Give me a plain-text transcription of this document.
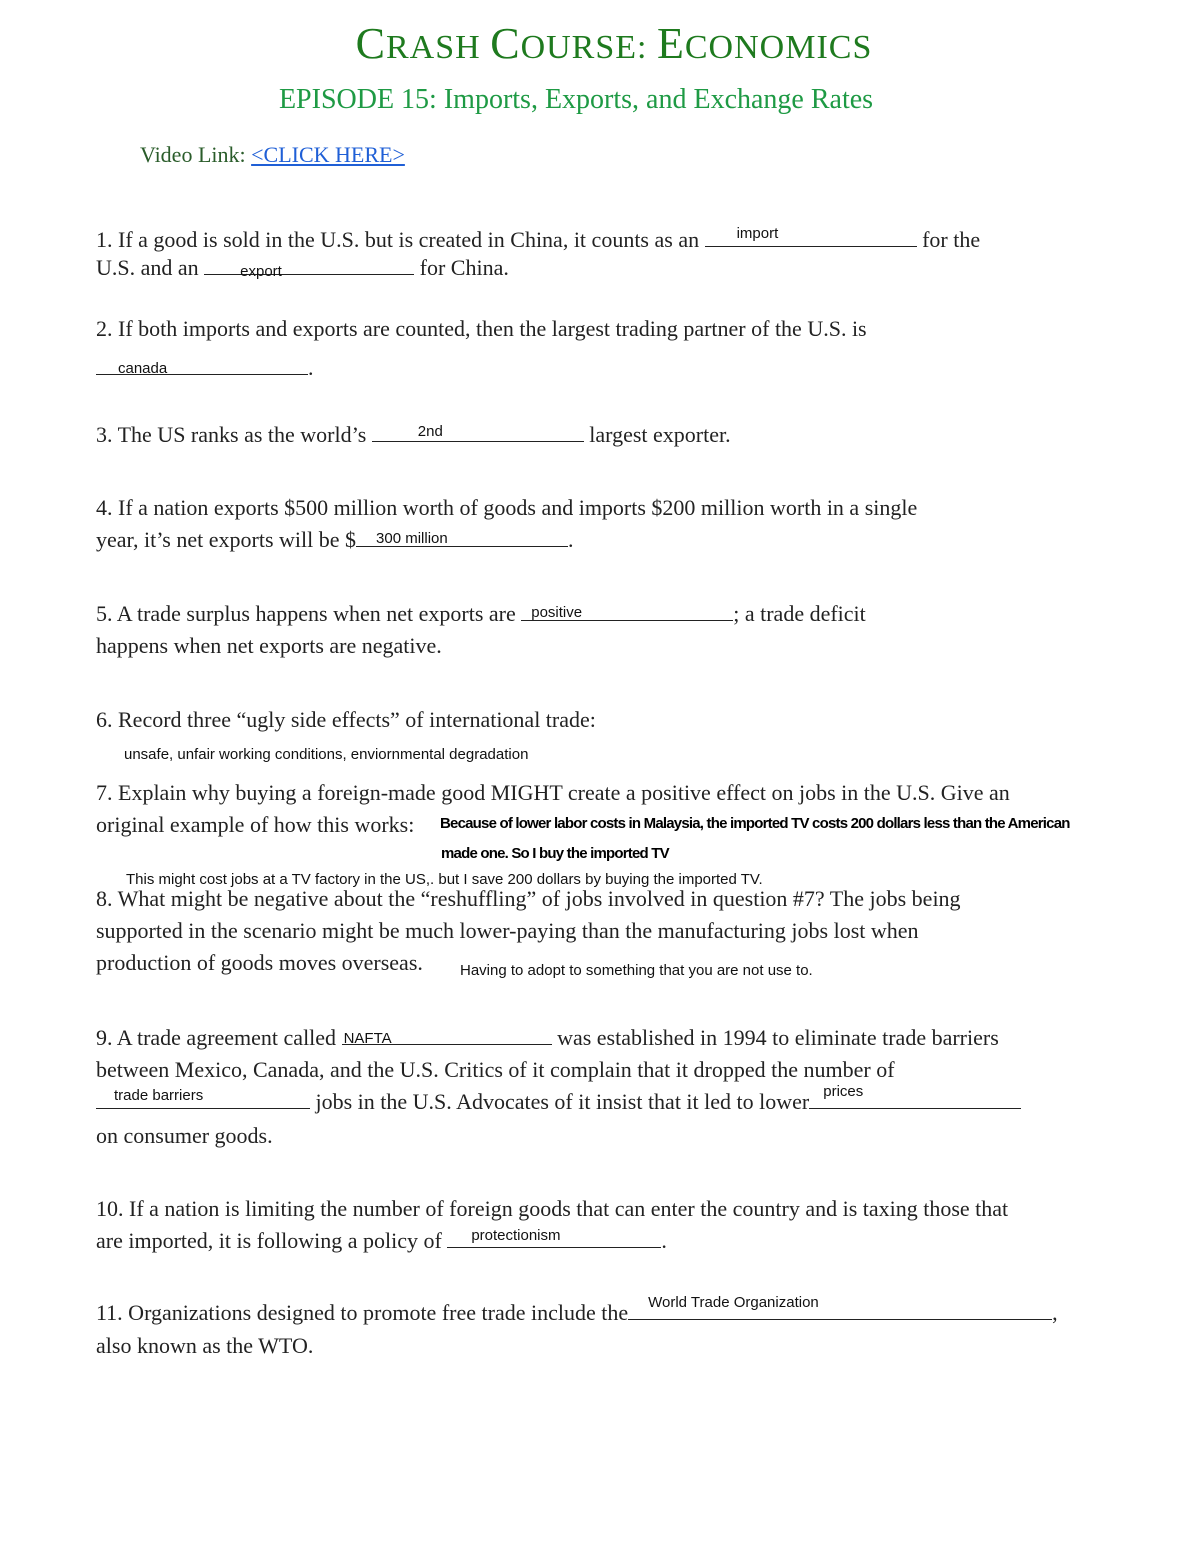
CRASH COURSE: ECONOMICS
EPISODE 15: Imports, Exports, and Exchange Rates
Video Link: <CLICK HERE>
1. If a good is sold in the U.S. but is created in China, it counts as an import	for the
U.S. and an export	for China.
2. If both imports and exports are counted, then the largest trading partner of the U.S. is
canada	.
3. The US ranks as the world’s	2nd	largest exporter.
4. If a nation exports $500 million worth of goods and imports $200 million worth in a single
year, it’s net exports will be $ 300 million	.
5. A trade surplus happens when net exports are positive	; a trade deficit
happens when net exports are negative.
6. Record three “ugly side effects” of international trade:
unsafe, unfair working conditions, enviornmental degradation
7. Explain why buying a foreign-made good MIGHT create a positive effect on jobs in the U.S. Give an
original example of how this works: Because of lower labor costs in Malaysia, the imported TV costs 200 dollars less than the American
made one. So I buy the imported TV
This might cost jobs at a TV factory in the US,. but I save 200 dollars by buying the imported TV.
8. What might be negative about the “reshuffling” of jobs involved in question #7? The jobs being
supported in the scenario might be much lower-paying than the manufacturing jobs lost when
production of goods moves overseas. Having to adopt to something that you are not use to.
9. A trade agreement called NAFTA	was established in 1994 to eliminate trade barriers
between Mexico, Canada, and the U.S. Critics of it complain that it dropped the number of
trade barriers	jobs in the U.S. Advocates of it insist that it led to lower prices
on consumer goods.
10. If a nation is limiting the number of foreign goods that can enter the country and is taxing those that
are imported, it is following a policy of protectionism	.
11. Organizations designed to promote free trade include the World Trade Organization	,
also known as the WTO.
